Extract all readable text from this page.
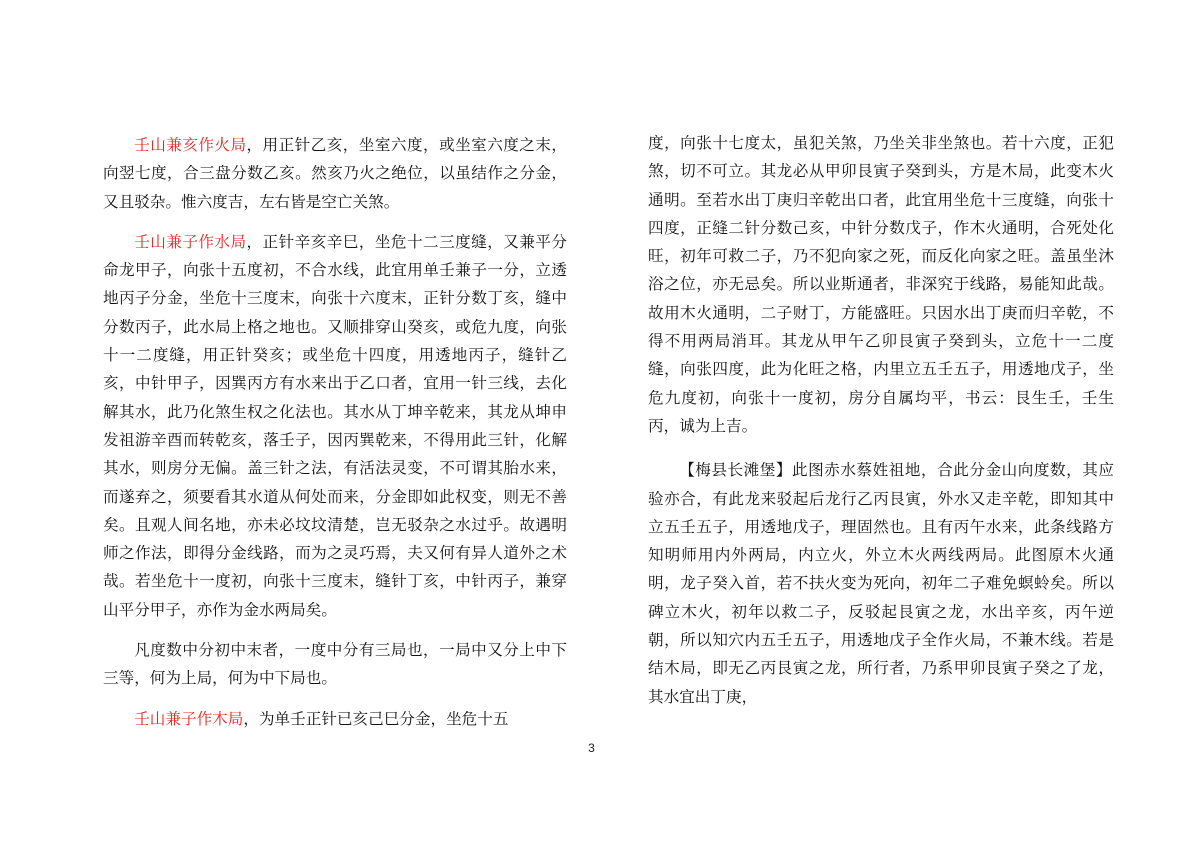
壬山兼亥作火局，用正针乙亥，坐室六度，或坐室六度之末，向翌七度，合三盘分数乙亥。然亥乃火之绝位，以虽结作之分金，又且驳杂。惟六度吉，左右皆是空亡关煞。

壬山兼子作水局，正针辛亥辛巳，坐危十二三度缝，又兼平分命龙甲子，向张十五度初，不合水线，此宜用单壬兼子一分，立透地丙子分金，坐危十三度末，向张十六度末，正针分数丁亥，缝中分数丙子，此水局上格之地也。又顺排穿山癸亥，或危九度，向张十一二度缝，用正针癸亥；或坐危十四度，用透地丙子，缝针乙亥，中针甲子，因巽丙方有水来出于乙口者，宜用一针三线，去化解其水，此乃化煞生权之化法也。其水从丁坤辛乾来，其龙从坤申发祖游辛酉而转乾亥，落壬子，因丙巽乾来，不得用此三针，化解其水，则房分无偏。盖三针之法，有活法灵变，不可谓其胎水来，而遂弃之，须要看其水道从何处而来，分金即如此权变，则无不善矣。且观人间名地，亦未必坟坟清楚，岂无驳杂之水过乎。故遇明师之作法，即得分金线路，而为之灵巧焉，夫又何有异人道外之术哉。若坐危十一度初，向张十三度末，缝针丁亥，中针丙子，兼穿山平分甲子，亦作为金水两局矣。

凡度数中分初中末者，一度中分有三局也，一局中又分上中下三等，何为上局，何为中下局也。

壬山兼子作木局，为单壬正针已亥己巳分金，坐危十五

度，向张十七度太，虽犯关煞，乃坐关非坐煞也。若十六度，正犯煞，切不可立。其龙必从甲卯艮寅子癸到头，方是木局，此变木火通明。至若水出丁庚归辛乾出口者，此宜用坐危十三度缝，向张十四度，正缝二针分数己亥，中针分数戊子，作木火通明，合死处化旺，初年可救二子，乃不犯向家之死，而反化向家之旺。盖虽坐沐浴之位，亦无忌矣。所以业斯通者，非深究于线路，易能知此哉。故用木火通明，二子财丁，方能盛旺。只因水出丁庚而归辛乾，不得不用两局消耳。其龙从甲午乙卯艮寅子癸到头，立危十一二度缝，向张四度，此为化旺之格，内里立五壬五子，用透地戊子，坐危九度初，向张十一度初，房分自属均平，书云：艮生壬，壬生丙，诚为上吉。

【梅县长滩堡】此图赤水蔡姓祖地，合此分金山向度数，其应验亦合，有此龙来驳起后龙行乙丙艮寅，外水又走辛乾，即知其中立五壬五子，用透地戊子，理固然也。且有丙午水来，此条线路方知明师用内外两局，内立火，外立木火两线两局。此图原木火通明，龙子癸入首，若不扶火变为死向，初年二子难免螟蛉矣。所以碑立木火，初年以救二子，反驳起艮寅之龙，水出辛亥，丙午逆朝，所以知穴内五壬五子，用透地戊子全作火局，不兼木线。若是结木局，即无乙丙艮寅之龙，所行者，乃系甲卯艮寅子癸之了龙，其水宜出丁庚，

3
